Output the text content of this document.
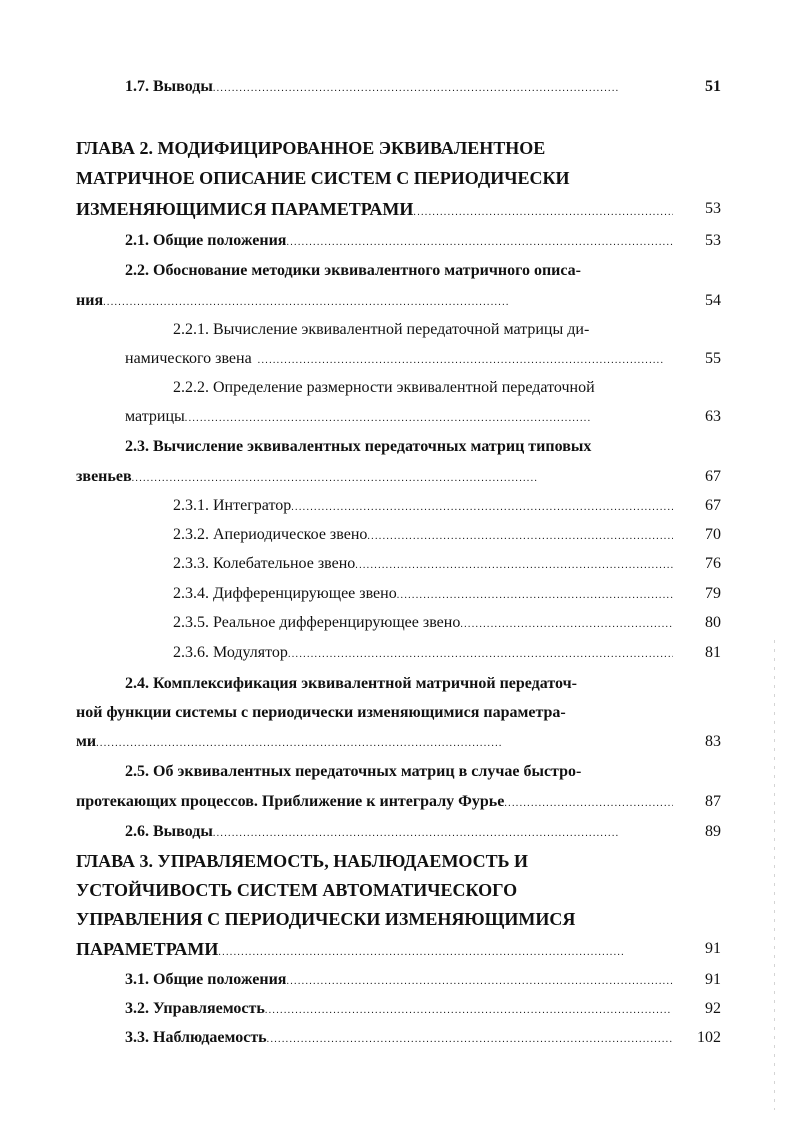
1.7. Выводы . . .	51
ГЛАВА 2. МОДИФИЦИРОВАННОЕ ЭКВИВАЛЕНТНОЕ
МАТРИЧНОЕ ОПИСАНИЕ СИСТЕМ С ПЕРИОДИЧЕСКИ
ИЗМЕНЯЮЩИМИСЯ ПАРАМЕТРАМИ . . .	53
2.1. Общие положения . . .	53
2.2. Обоснование методики эквивалентного матричного описа-
ния . . .	54
2.2.1. Вычисление эквивалентной передаточной матрицы ди-
намического звена . . .	55
2.2.2. Определение размерности эквивалентной передаточной
матрицы . . .	63
2.3. Вычисление эквивалентных передаточных матриц типовых
звеньев . . .	67
2.3.1. Интегратор . . .	67
2.3.2. Апериодическое звено . . .	70
2.3.3. Колебательное звено . . .	76
2.3.4. Дифференцирующее звено . . .	79
2.3.5. Реальное дифференцирующее звено . . .	80
2.3.6. Модулятор . . .	81
2.4. Комплексификация эквивалентной матричной передаточ-
ной функции системы с периодически изменяющимися параметра-
ми . . .	83
2.5. Об эквивалентных передаточных матриц в случае быстро-
протекающих процессов. Приближение к интегралу Фурье . . .	87
2.6. Выводы . . .	89
ГЛАВА 3. УПРАВЛЯЕМОСТЬ, НАБЛЮДАЕМОСТЬ И
УСТОЙЧИВОСТЬ СИСТЕМ АВТОМАТИЧЕСКОГО
УПРАВЛЕНИЯ С ПЕРИОДИЧЕСКИ ИЗМЕНЯЮЩИМИСЯ
ПАРАМЕТРАМИ . . .	91
3.1. Общие положения . . .	91
3.2. Управляемость . . .	92
3.3. Наблюдаемость . . .	102
